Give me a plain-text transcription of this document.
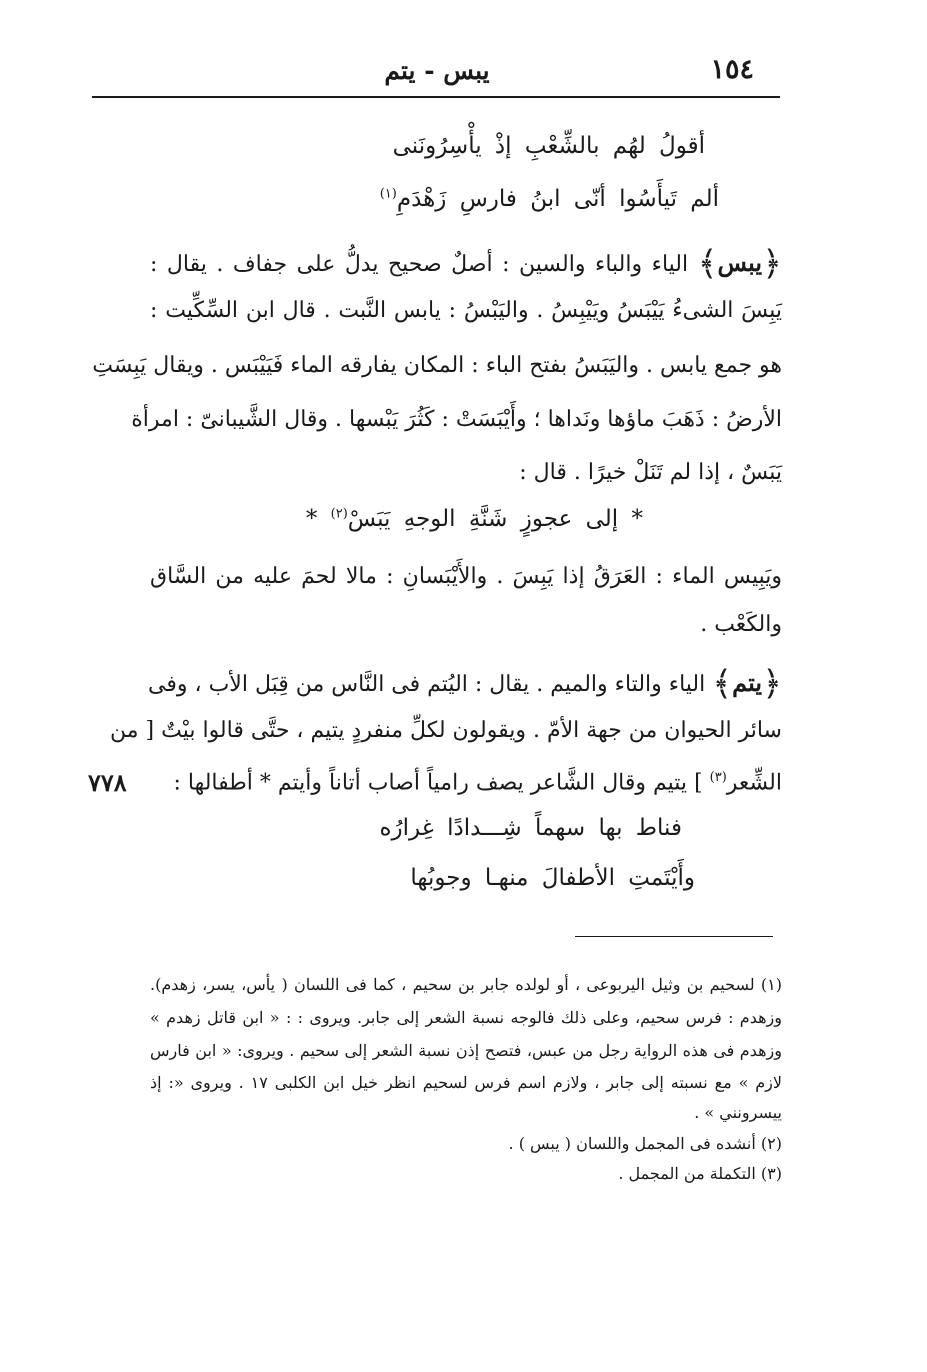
١٥٤
يبس - يتم
أقولُ لهُم بالشِّعْبِ إذْ يأْسِرُونَنى
ألم تَيأَسُوا أنّى ابنُ فارسِ زَهْدَمِ$^{(١)}$
﴿يبس﴾ الياء والباء والسين : أصلٌ صحيح يدلُّ على جفاف . يقال :
يَبِسَ الشىءُ يَيْبَسُ ويَيْبِسُ . واليَبْسُ : يابس النَّبت . قال ابن السِّكِّيت :
هو جمع يابس . واليَبَسُ بفتح الباء : المكان يفارقه الماء فَيَيْبَس . ويقال يَبِسَتِ
الأرضُ : ذَهَبَ ماؤها ونَداها ؛ وأَيْبَسَتْ : كَثُرَ يَبْسها . وقال الشَّيبانىّ : امرأة
يَبَسٌ ، إذا لم تَنَلْ خيرًا . قال :
* إلى عجوزٍ شَنَّةِ الوجهِ يَبَسْ$^{(٢)}$ *
ويَبِيس الماء : العَرَقُ إذا يَبِسَ . والأَيْبَسانِ : مالا لحمَ عليه من السَّاق
والكَعْب .
﴿يتم﴾ الياء والتاء والميم . يقال : اليُتم فى النَّاس من قِبَل الأب ، وفى
سائر الحيوان من جهة الأمّ . ويقولون لكلِّ منفردٍ يتيم ، حتَّى قالوا بيْتٌ [ من
الشِّعر$^{(٣)}$ ] يتيم وقال الشَّاعر يصف رامياً أصاب أتاناً وأيتم * أطفالها :
٧٧٨
فناط بها سهماً شِـــدادًا غِرارُه
وأَيْتَمتِ الأطفالَ منهـا وجوبُها
(١) لسحيم بن وثيل اليربوعى ، أو لولده جابر بن سحيم ، كما فى اللسان ( يأس، يسر، زهدم).
وزهدم : فرس سحيم، وعلى ذلك فالوجه نسبة الشعر إلى جابر. ويروى : : « ابن قاتل زهدم »
وزهدم فى هذه الرواية رجل من عبس، فتصح إذن نسبة الشعر إلى سحيم . ويروى: « ابن فارس
لازم » مع نسبته إلى جابر ، ولازم اسم فرس لسحيم انظر خيل ابن الكلبى ١٧ . ويروى «: إذ
ييسرونني » .
(٢) أنشده فى المجمل واللسان ( يبس ) .
(٣) التكملة من المجمل .
